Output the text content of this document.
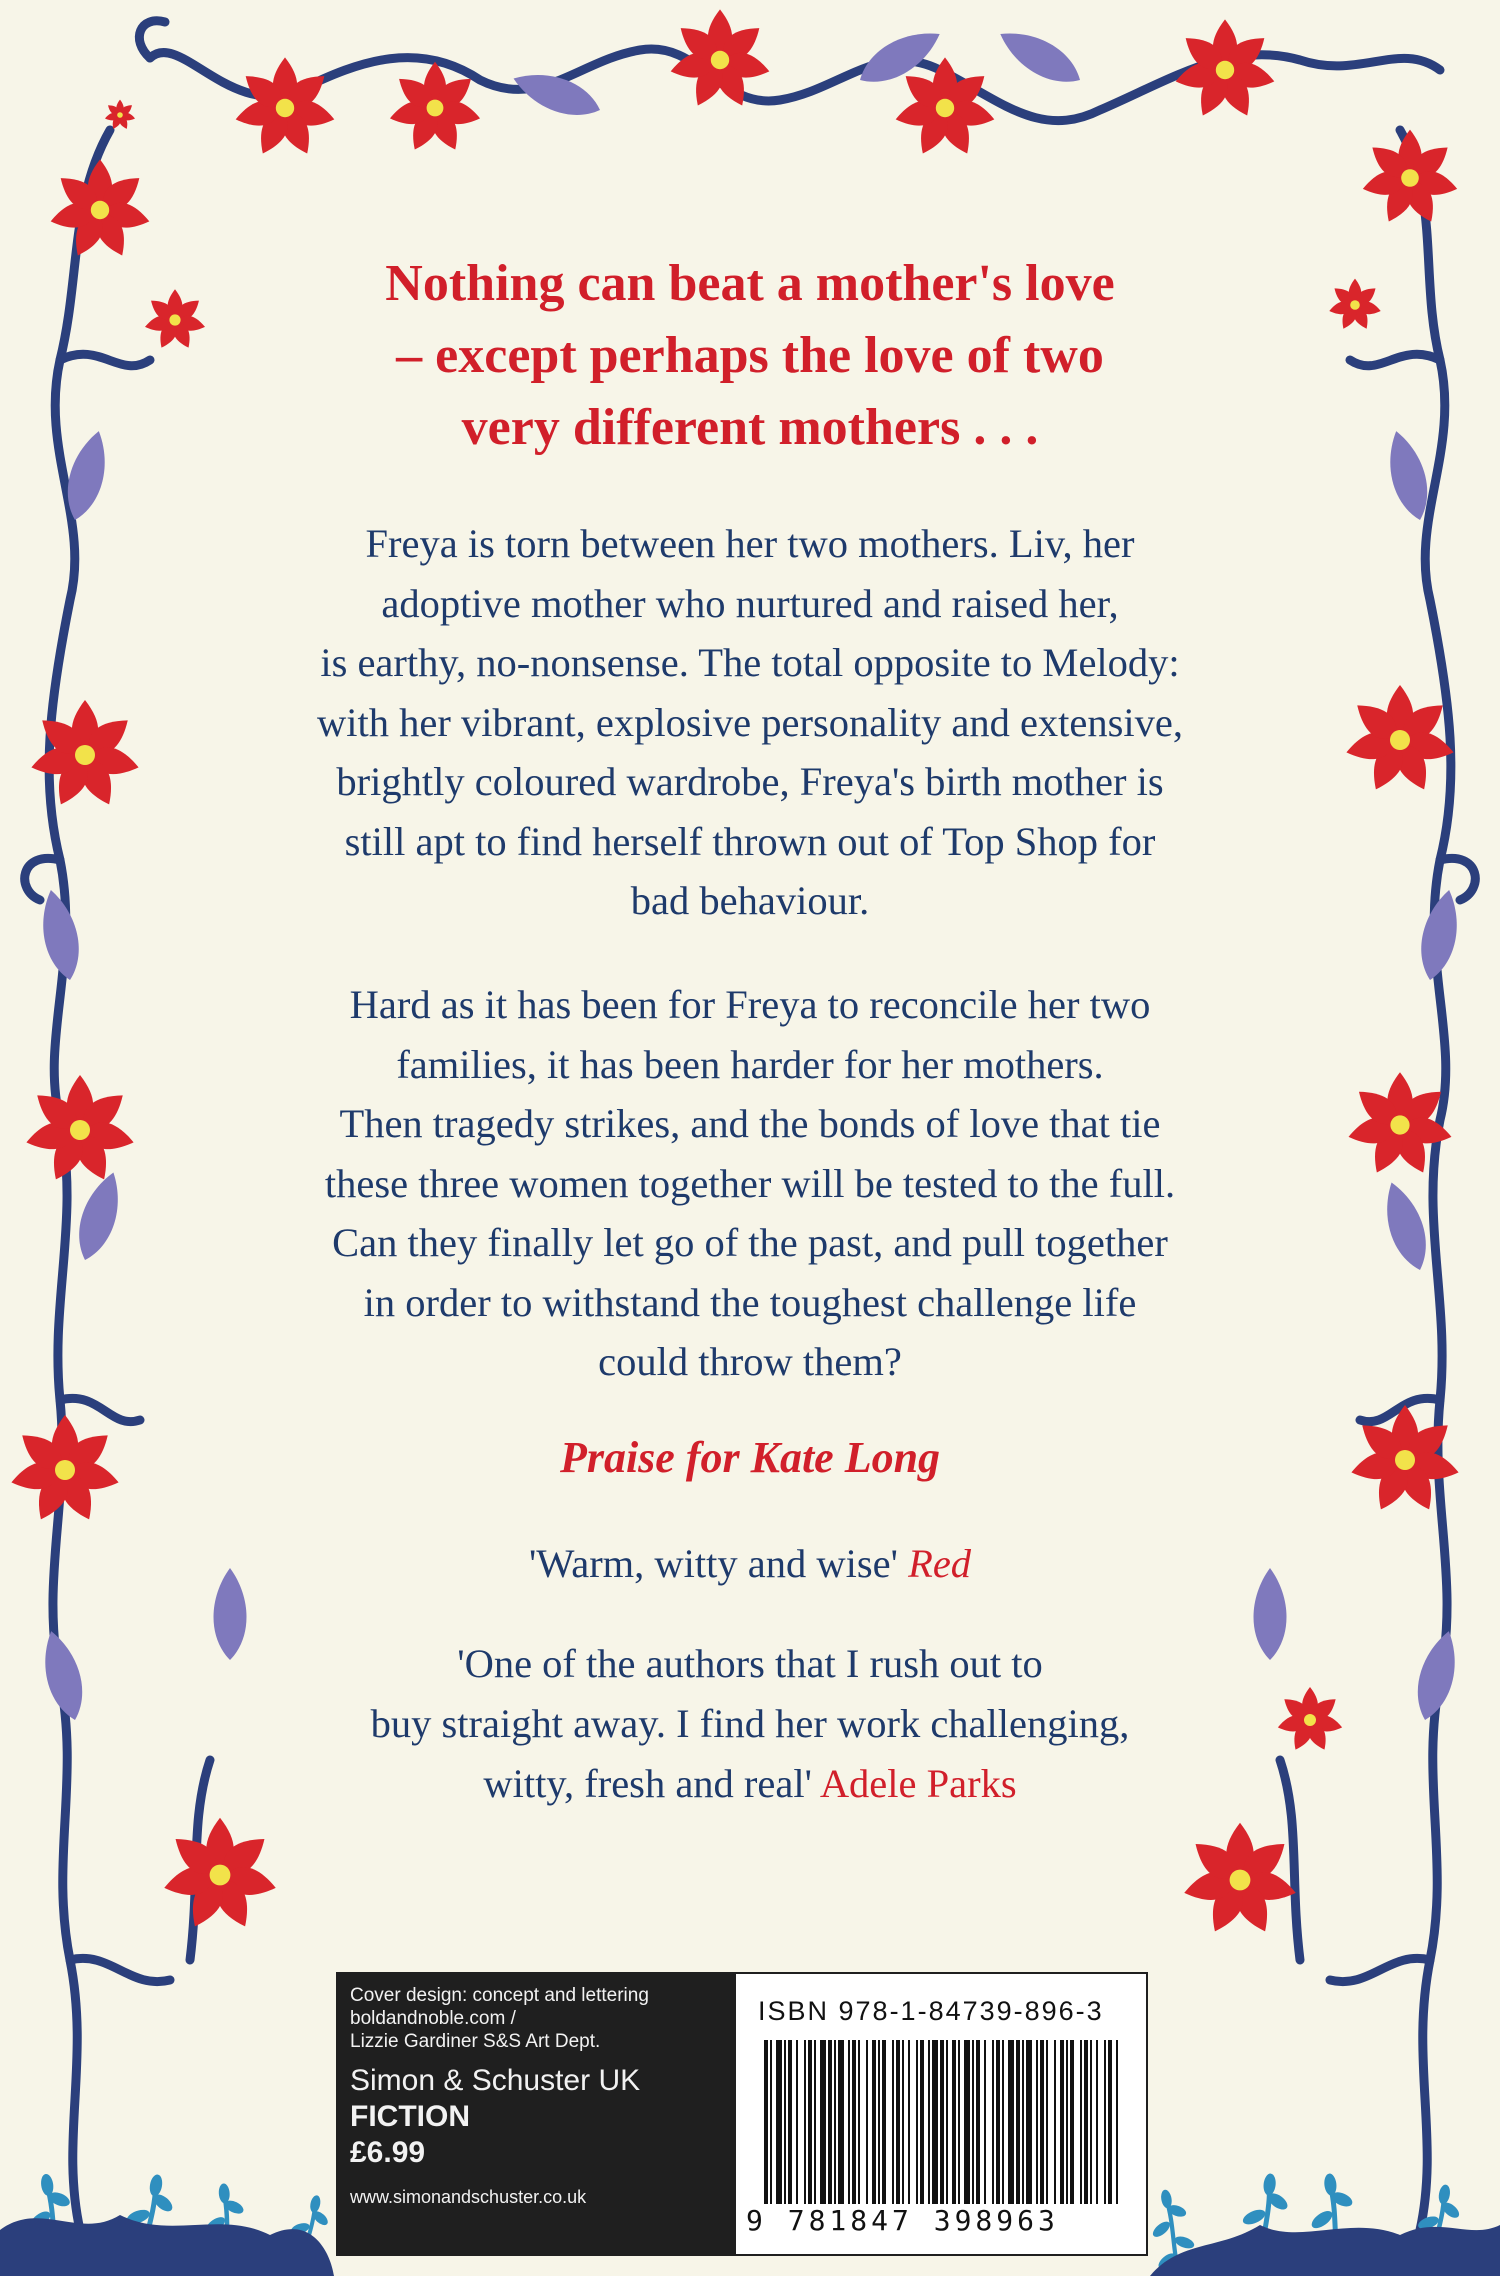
Nothing can beat a mother's love
– except perhaps the love of two
very different mothers . . .

Freya is torn between her two mothers. Liv, her
adoptive mother who nurtured and raised her,
is earthy, no-nonsense. The total opposite to Melody:
with her vibrant, explosive personality and extensive,
brightly coloured wardrobe, Freya's birth mother is
still apt to find herself thrown out of Top Shop for
bad behaviour.

Hard as it has been for Freya to reconcile her two
families, it has been harder for her mothers.
Then tragedy strikes, and the bonds of love that tie
these three women together will be tested to the full.
Can they finally let go of the past, and pull together
in order to withstand the toughest challenge life
could throw them?

Praise for Kate Long

'Warm, witty and wise' Red

'One of the authors that I rush out to
buy straight away. I find her work challenging,
witty, fresh and real' Adele Parks

Cover design: concept and lettering
boldandnoble.com /
Lizzie Gardiner S&S Art Dept.
Simon & Schuster UK
FICTION
£6.99
www.simonandschuster.co.uk
ISBN 978-1-84739-896-3
9 781847 398963
